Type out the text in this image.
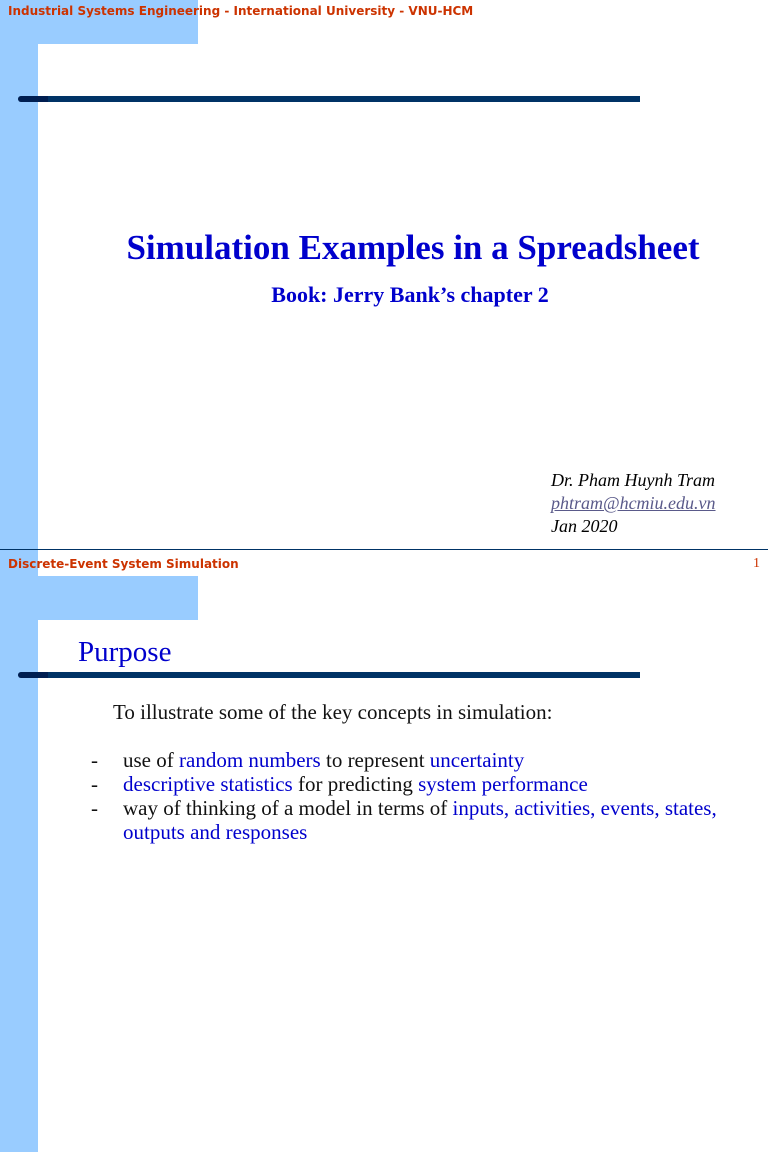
Industrial Systems Engineering - International University - VNU-HCM
Simulation Examples in a Spreadsheet
Book: Jerry Bank’s chapter 2
Dr. Pham Huynh Tram
phtram@hcmiu.edu.vn
Jan 2020
Discrete-Event System Simulation	1
Purpose
To illustrate some of the key concepts in simulation:
- use of random numbers to represent uncertainty
- descriptive statistics for predicting system performance
- way of thinking of a model in terms of inputs, activities, events, states, outputs and responses
